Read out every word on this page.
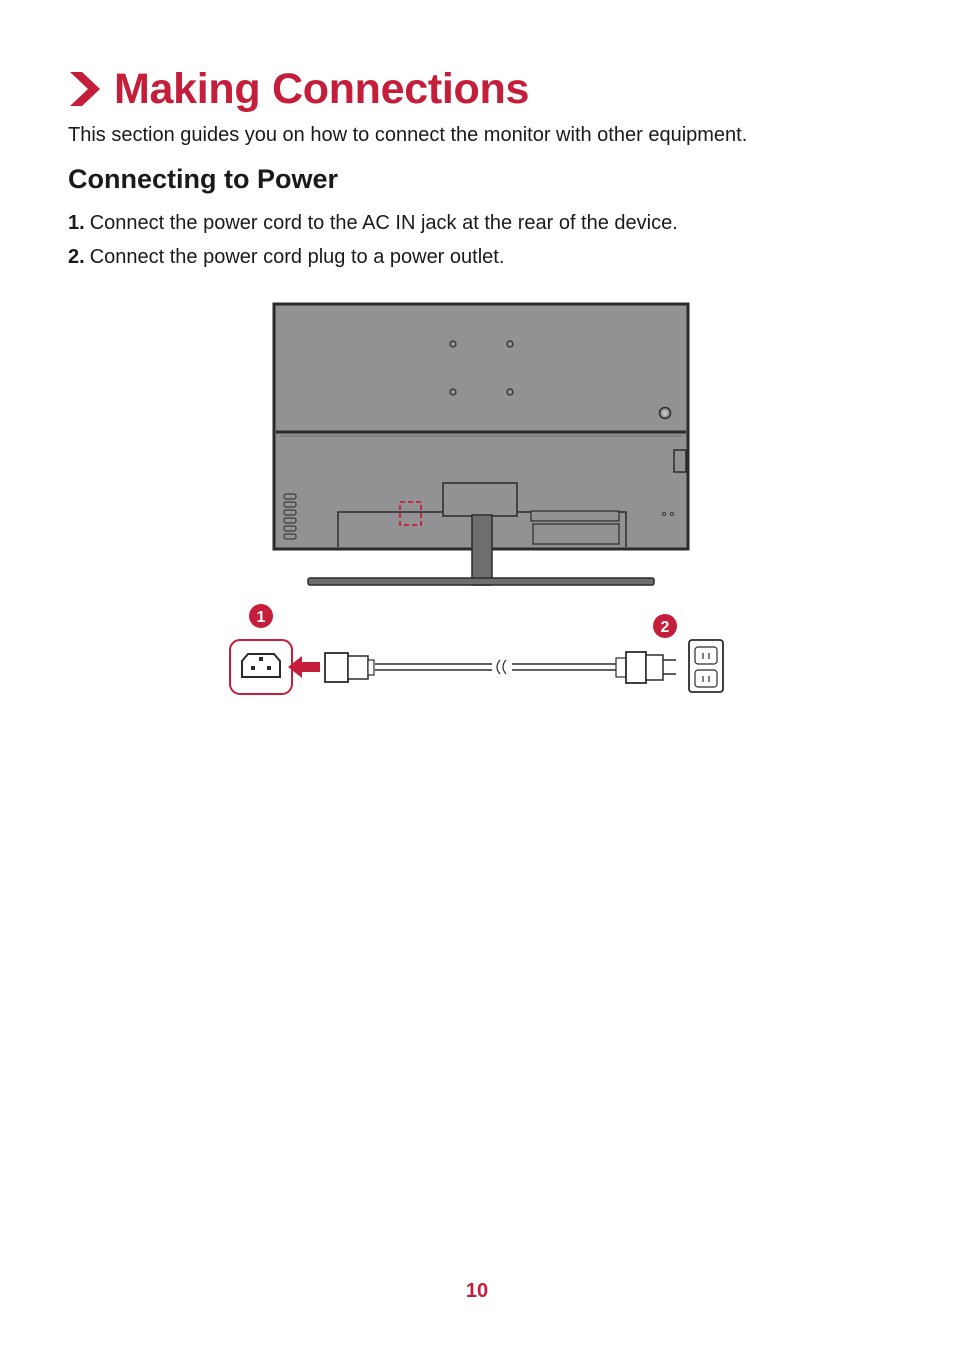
Making Connections
This section guides you on how to connect the monitor with other equipment.
Connecting to Power
1. Connect the power cord to the AC IN jack at the rear of the device.
2. Connect the power cord plug to a power outlet.
1
2
10
